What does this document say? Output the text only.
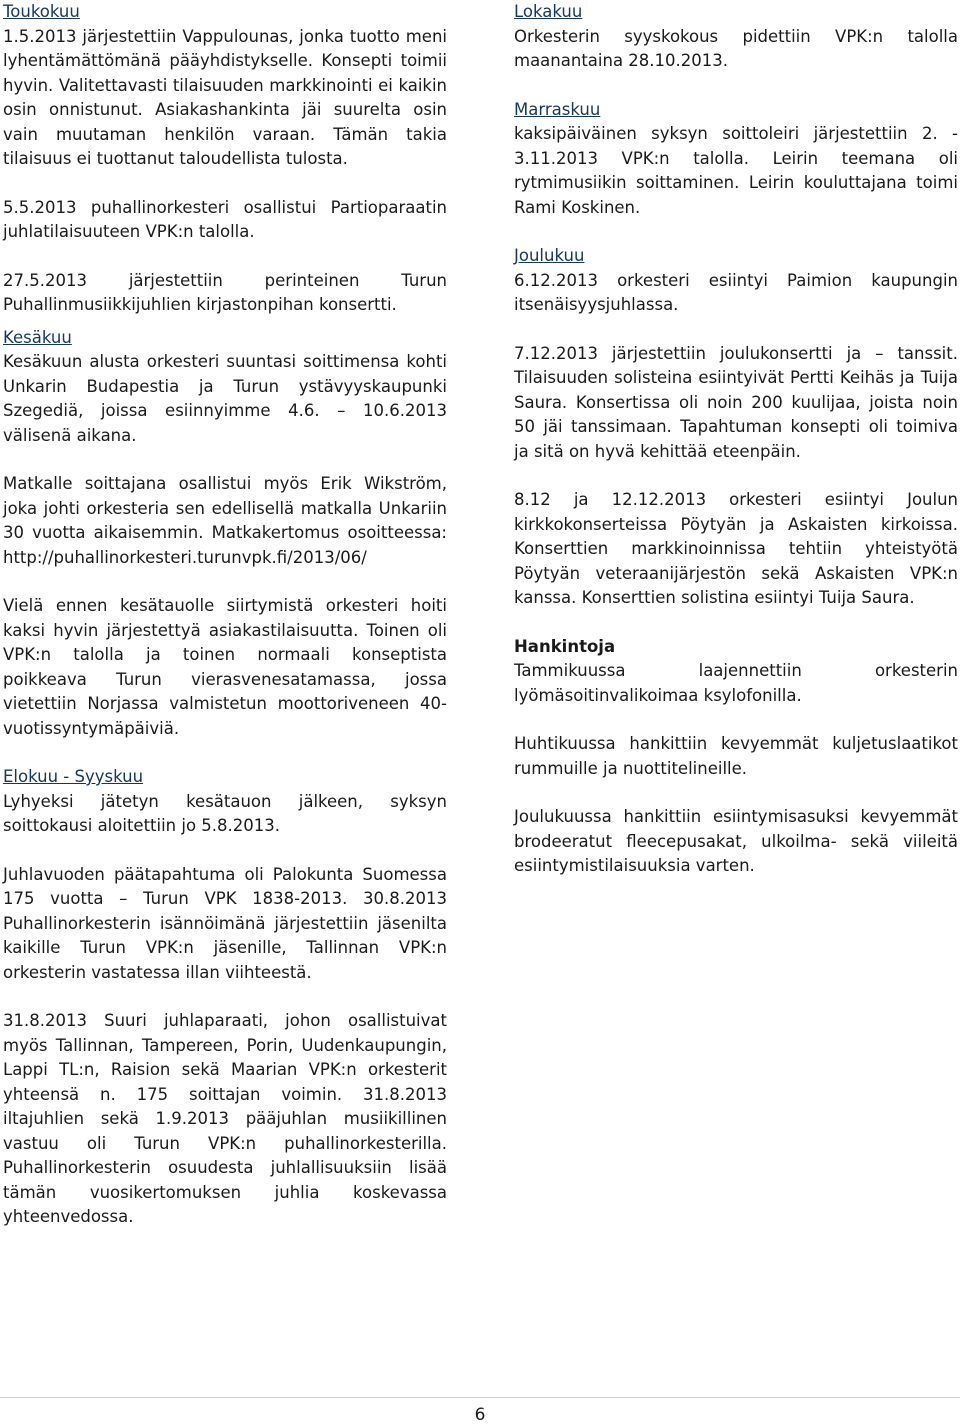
Toukokuu
1.5.2013 järjestettiin Vappulounas, jonka tuotto meni lyhentämättömänä pääyhdistykselle. Konsepti toimii hyvin. Valitettavasti tilaisuuden markkinointi ei kaikin osin onnistunut. Asiakashankinta jäi suurelta osin vain muutaman henkilön varaan. Tämän takia tilaisuus ei tuottanut taloudellista tulosta.

5.5.2013 puhallinorkesteri osallistui Partioparaatin juhlatilaisuuteen VPK:n talolla.

27.5.2013 järjestettiin perinteinen Turun Puhallinmusiikkijuhlien kirjastonpihan konsertti.

Kesäkuu
Kesäkuun alusta orkesteri suuntasi soittimensa kohti Unkarin Budapestia ja Turun ystävyyskaupunki Szegediä, joissa esiinnyimme 4.6. – 10.6.2013 välisenä aikana.

Matkalle soittajana osallistui myös Erik Wikström, joka johti orkesteria sen edellisellä matkalla Unkariin 30 vuotta aikaisemmin. Matkakertomus osoitteessa: http://puhallinorkesteri.turunvpk.fi/2013/06/

Vielä ennen kesätauolle siirtymistä orkesteri hoiti kaksi hyvin järjestettyä asiakastilaisuutta. Toinen oli VPK:n talolla ja toinen normaali konseptista poikkeava Turun vierasvenesatamassa, jossa vietettiin Norjassa valmistetun moottoriveneen 40-vuotissyntymäpäiviä.

Elokuu - Syyskuu
Lyhyeksi jätetyn kesätauon jälkeen, syksyn soittokausi aloitettiin jo 5.8.2013.

Juhlavuoden päätapahtuma oli Palokunta Suomessa 175 vuotta – Turun VPK 1838-2013. 30.8.2013 Puhallinorkesterin isännöimänä järjestettiin jäsenilta kaikille Turun VPK:n jäsenille, Tallinnan VPK:n orkesterin vastatessa illan viihteestä.

31.8.2013 Suuri juhlaparaati, johon osallistuivat myös Tallinnan, Tampereen, Porin, Uudenkaupungin, Lappi TL:n, Raision sekä Maarian VPK:n orkesterit yhteensä n. 175 soittajan voimin. 31.8.2013 iltajuhlien sekä 1.9.2013 pääjuhlan musiikillinen vastuu oli Turun VPK:n puhallinorkesterilla. Puhallinorkesterin osuudesta juhlallisuuksiin lisää tämän vuosikertomuksen juhlia koskevassa yhteenvedossa.

Lokakuu
Orkesterin syyskokous pidettiin VPK:n talolla maanantaina 28.10.2013.

Marraskuu
kaksipäiväinen syksyn soittoleiri järjestettiin 2. - 3.11.2013 VPK:n talolla. Leirin teemana oli rytmimusiikin soittaminen. Leirin kouluttajana toimi Rami Koskinen.

Joulukuu
6.12.2013 orkesteri esiintyi Paimion kaupungin itsenäisyysjuhlassa.

7.12.2013 järjestettiin joulukonsertti ja – tanssit. Tilaisuuden solisteina esiintyivät Pertti Keihäs ja Tuija Saura. Konsertissa oli noin 200 kuulijaa, joista noin 50 jäi tanssimaan. Tapahtuman konsepti oli toimiva ja sitä on hyvä kehittää eteenpäin.

8.12 ja 12.12.2013 orkesteri esiintyi Joulun kirkkokonserteissa Pöytyän ja Askaisten kirkoissa. Konserttien markkinoinnissa tehtiin yhteistyötä Pöytyän veteraanijärjestön sekä Askaisten VPK:n kanssa. Konserttien solistina esiintyi Tuija Saura.

Hankintoja
Tammikuussa laajennettiin orkesterin lyömäsoitinvalikoimaa ksylofonilla.

Huhtikuussa hankittiin kevyemmät kuljetuslaatikot rummuille ja nuottitelineille.

Joulukuussa hankittiin esiintymisasuksi kevyemmät brodeeratut fleecepusakat, ulkoilma- sekä viileitä esiintymistilaisuuksia varten.

6
